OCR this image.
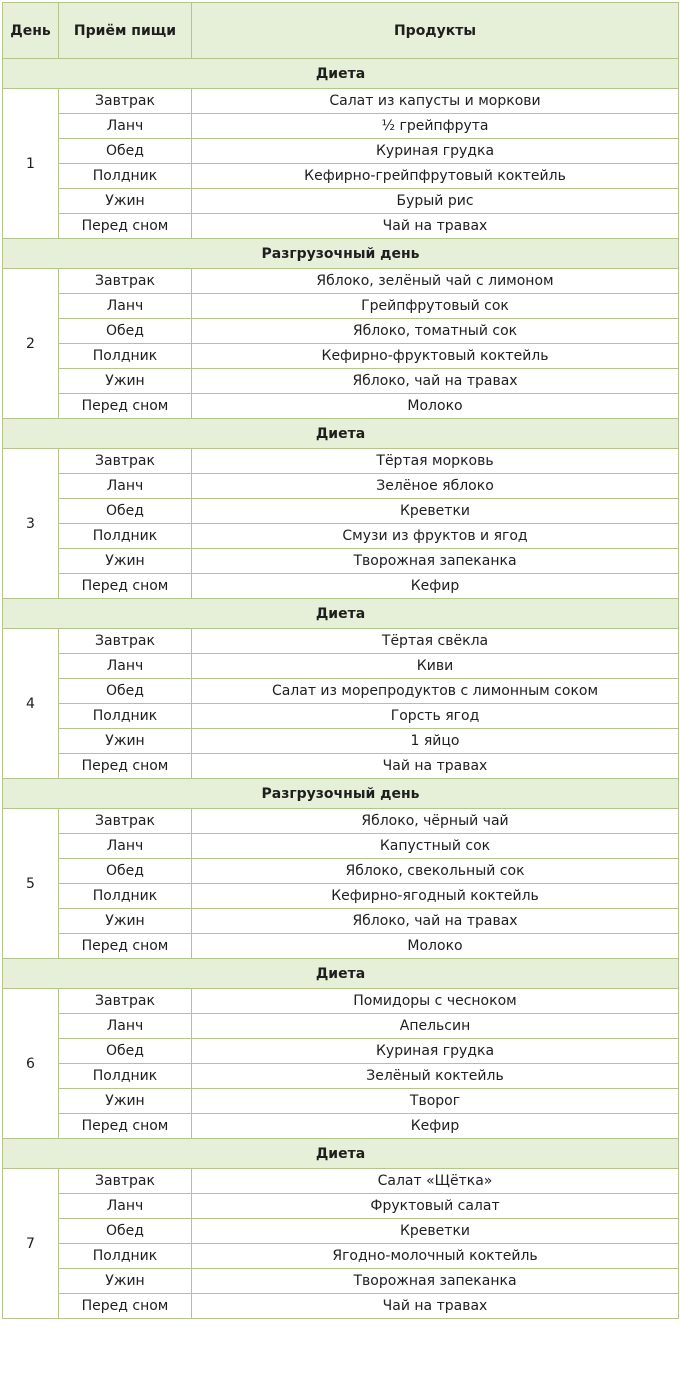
День	Приём пищи	Продукты
Диета		
1	Завтрак	Салат из капусты и моркови
	Ланч	½ грейпфрута
	Обед	Куриная грудка
	Полдник	Кефирно-грейпфрутовый коктейль
	Ужин	Бурый рис
	Перед сном	Чай на травах
Разгрузочный день		
2	Завтрак	Яблоко, зелёный чай с лимоном
	Ланч	Грейпфрутовый сок
	Обед	Яблоко, томатный сок
	Полдник	Кефирно-фруктовый коктейль
	Ужин	Яблоко, чай на травах
	Перед сном	Молоко
Диета		
3	Завтрак	Тёртая морковь
	Ланч	Зелёное яблоко
	Обед	Креветки
	Полдник	Смузи из фруктов и ягод
	Ужин	Творожная запеканка
	Перед сном	Кефир
Диета		
4	Завтрак	Тёртая свёкла
	Ланч	Киви
	Обед	Салат из морепродуктов с лимонным соком
	Полдник	Горсть ягод
	Ужин	1 яйцо
	Перед сном	Чай на травах
Разгрузочный день		
5	Завтрак	Яблоко, чёрный чай
	Ланч	Капустный сок
	Обед	Яблоко, свекольный сок
	Полдник	Кефирно-ягодный коктейль
	Ужин	Яблоко, чай на травах
	Перед сном	Молоко
Диета		
6	Завтрак	Помидоры с чесноком
	Ланч	Апельсин
	Обед	Куриная грудка
	Полдник	Зелёный коктейль
	Ужин	Творог
	Перед сном	Кефир
Диета		
7	Завтрак	Салат «Щётка»
	Ланч	Фруктовый салат
	Обед	Креветки
	Полдник	Ягодно-молочный коктейль
	Ужин	Творожная запеканка
	Перед сном	Чай на травах
